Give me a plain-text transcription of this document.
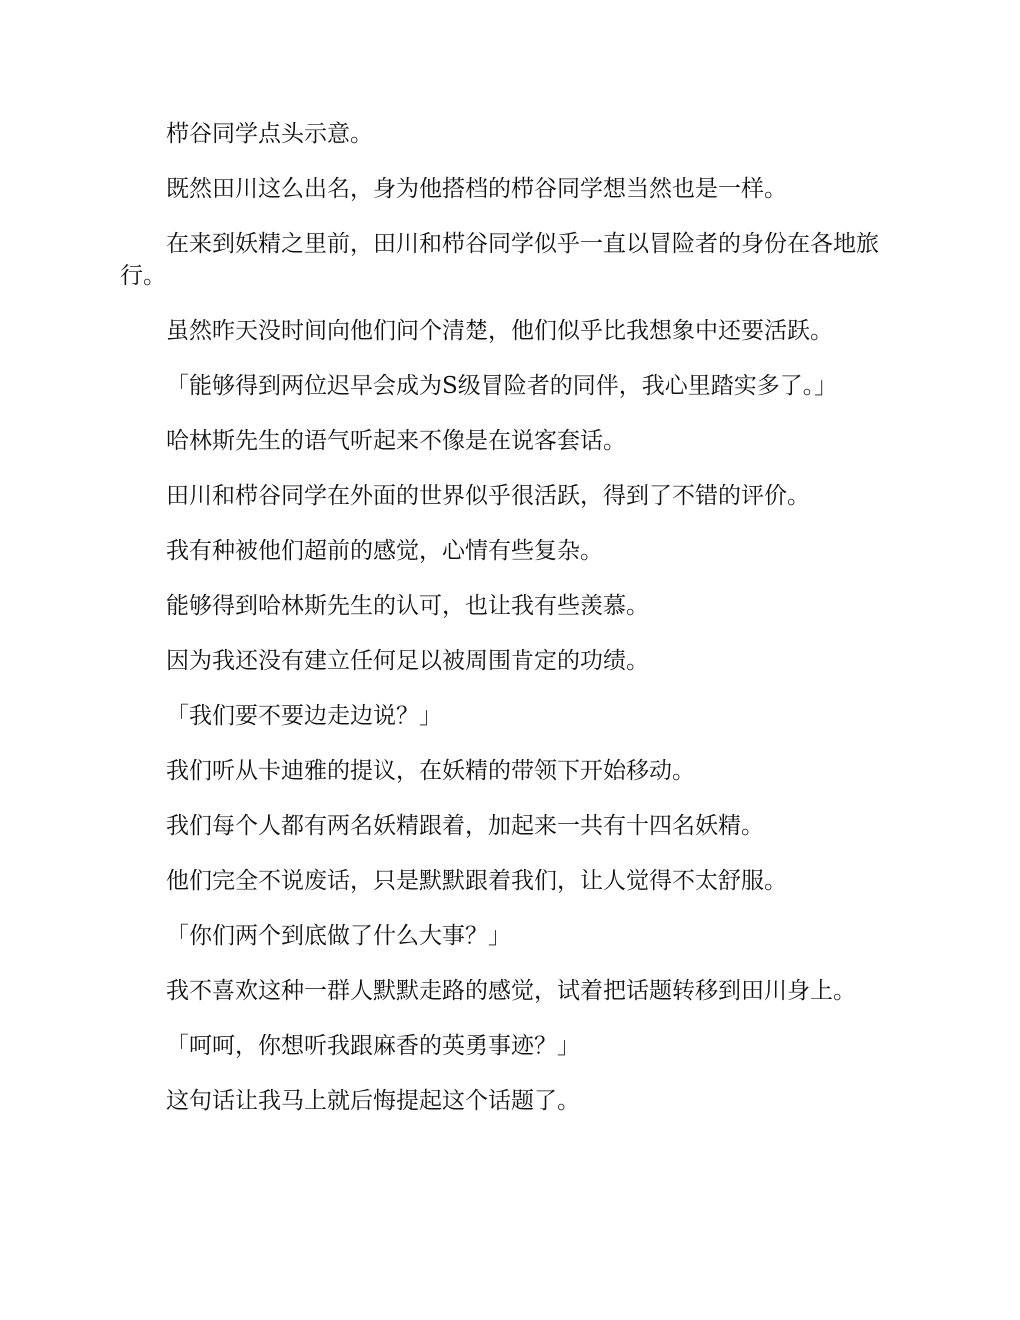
栉谷同学点头示意。

既然田川这么出名，身为他搭档的栉谷同学想当然也是一样。

在来到妖精之里前，田川和栉谷同学似乎一直以冒险者的身份在各地旅行。

虽然昨天没时间向他们问个清楚，他们似乎比我想象中还要活跃。

「能够得到两位迟早会成为S级冒险者的同伴，我心里踏实多了。」

哈林斯先生的语气听起来不像是在说客套话。

田川和栉谷同学在外面的世界似乎很活跃，得到了不错的评价。

我有种被他们超前的感觉，心情有些复杂。

能够得到哈林斯先生的认可，也让我有些羡慕。

因为我还没有建立任何足以被周围肯定的功绩。

「我们要不要边走边说？」

我们听从卡迪雅的提议，在妖精的带领下开始移动。

我们每个人都有两名妖精跟着，加起来一共有十四名妖精。

他们完全不说废话，只是默默跟着我们，让人觉得不太舒服。

「你们两个到底做了什么大事？」

我不喜欢这种一群人默默走路的感觉，试着把话题转移到田川身上。

「呵呵，你想听我跟麻香的英勇事迹？」

这句话让我马上就后悔提起这个话题了。
